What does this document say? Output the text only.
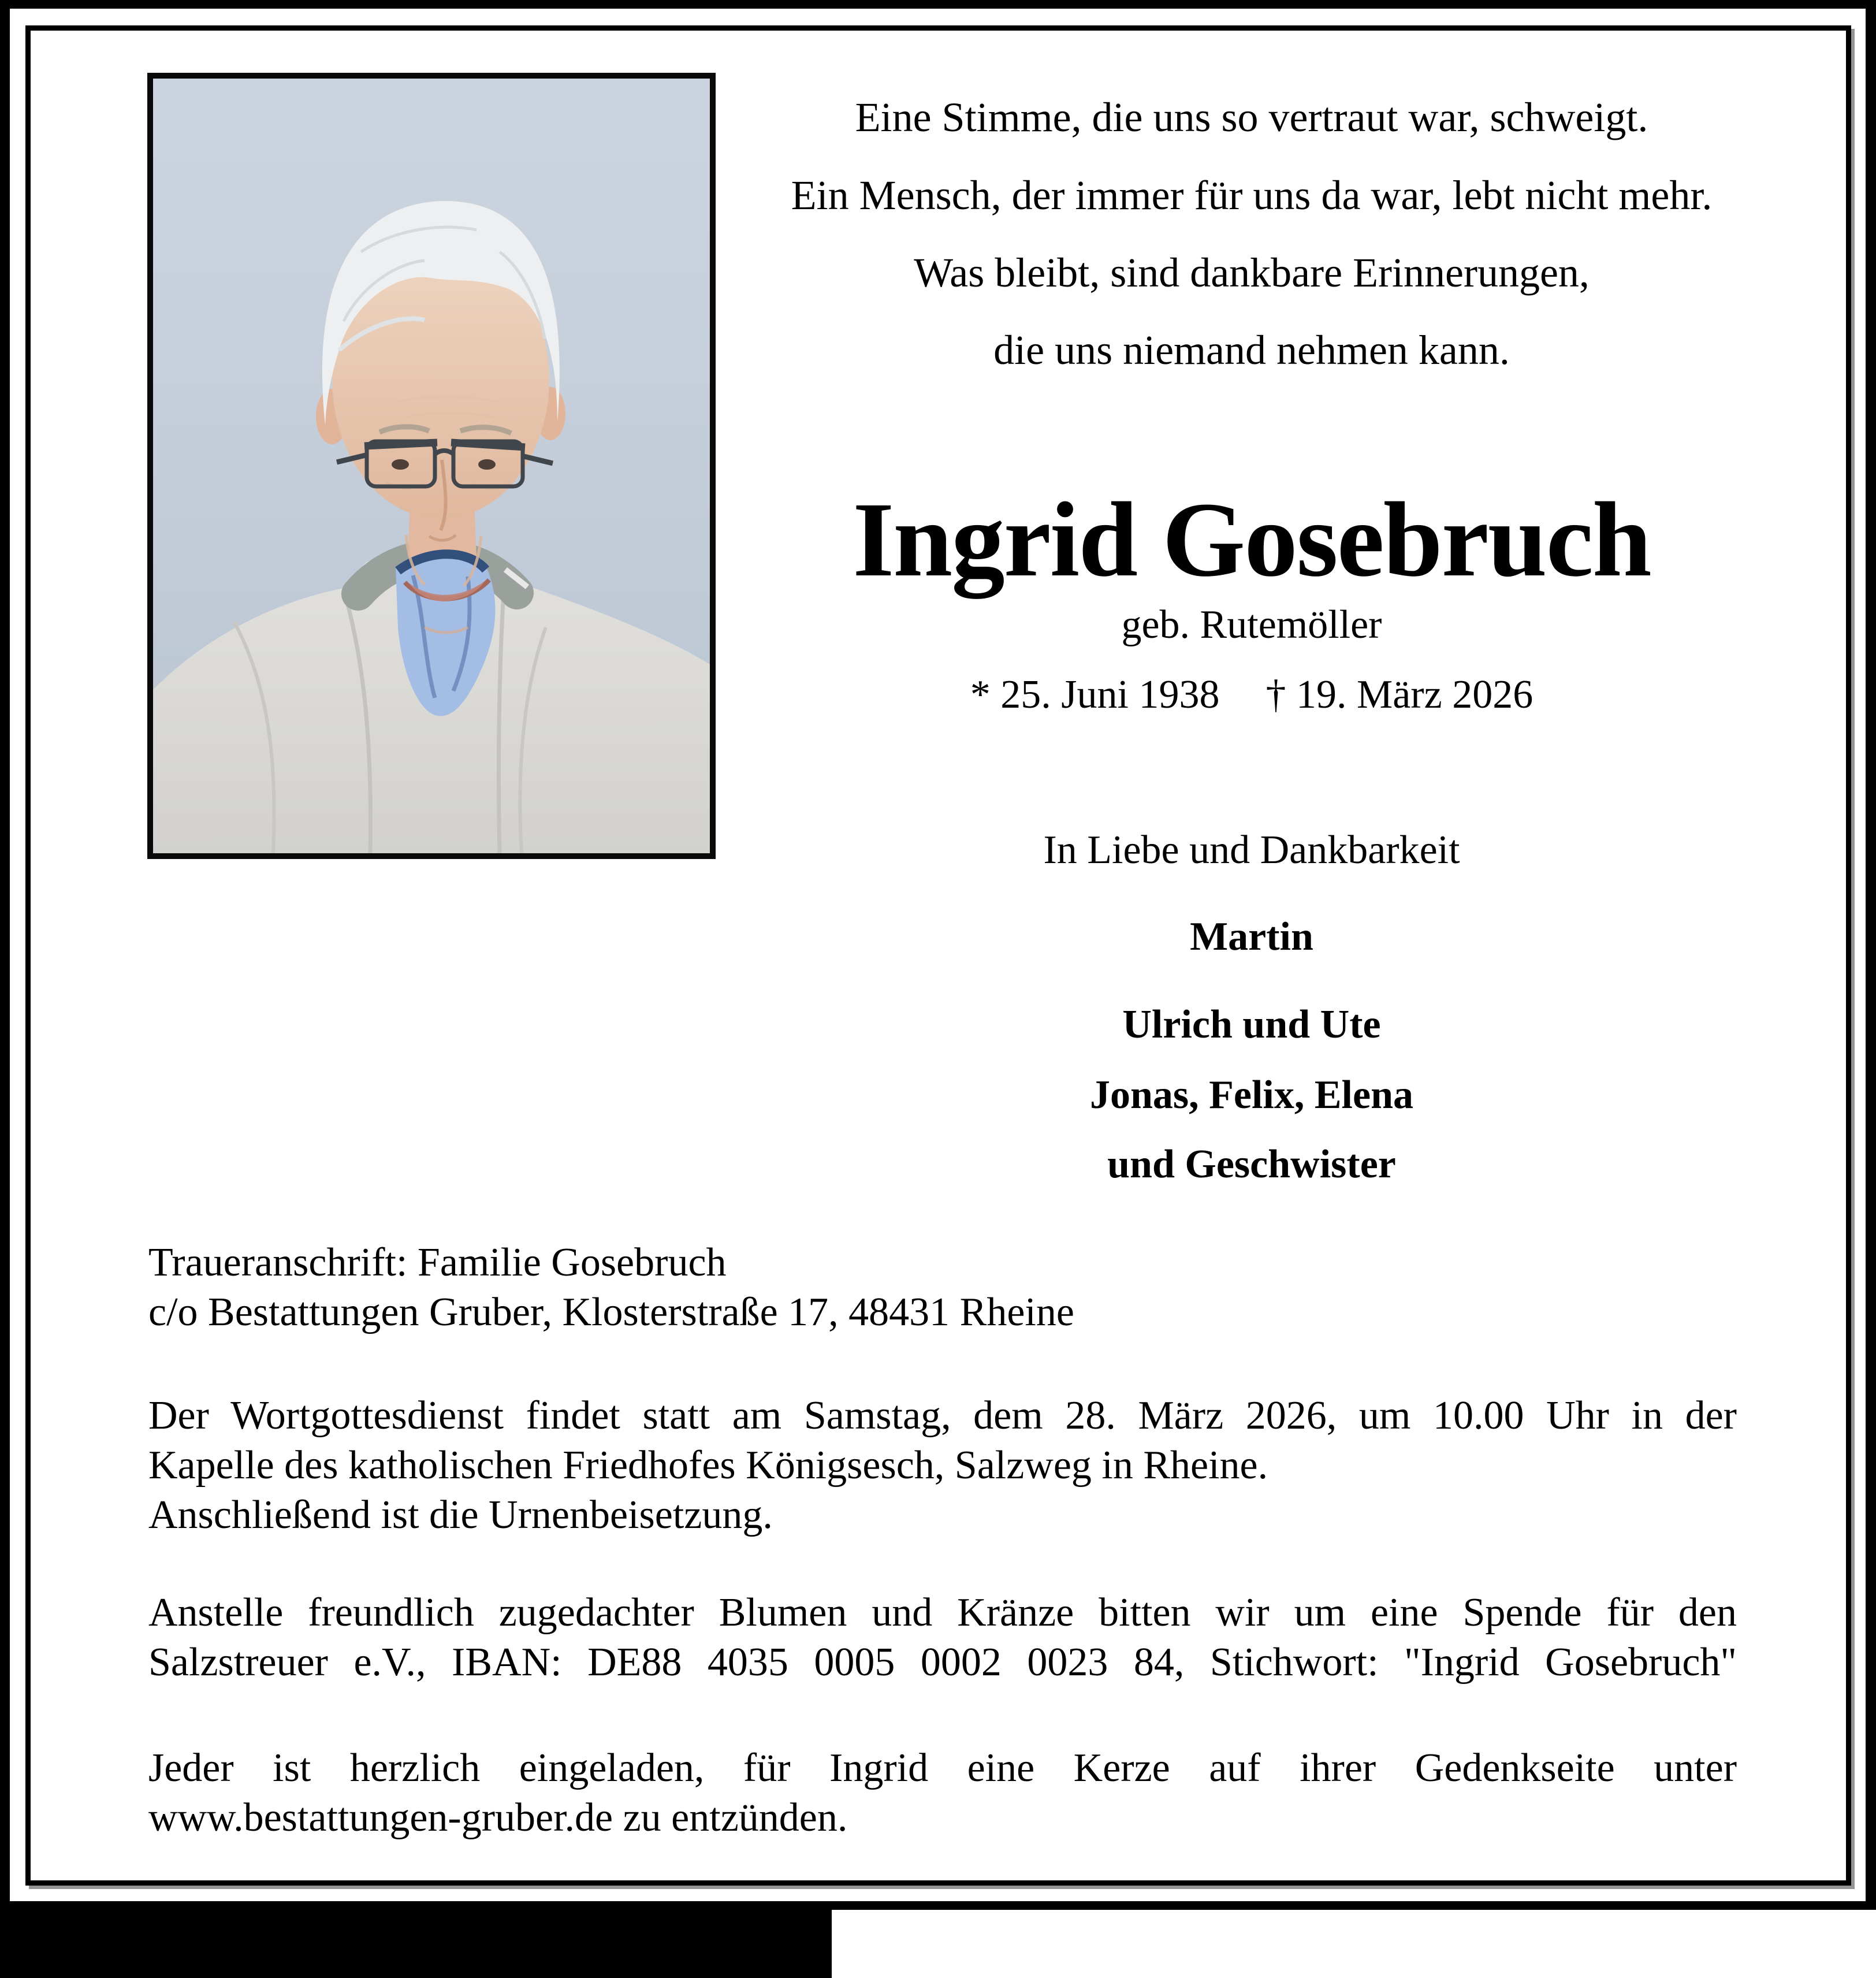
Eine Stimme, die uns so vertraut war, schweigt.
Ein Mensch, der immer für uns da war, lebt nicht mehr.
Was bleibt, sind dankbare Erinnerungen,
die uns niemand nehmen kann.
Ingrid Gosebruch
geb. Rutemöller
* 25. Juni 1938 † 19. März 2026
In Liebe und Dankbarkeit
Martin
Ulrich und Ute
Jonas, Felix, Elena
und Geschwister
Traueranschrift: Familie Gosebruch
c/o Bestattungen Gruber, Klosterstraße 17, 48431 Rheine
Der Wortgottesdienst findet statt am Samstag, dem 28. März 2026, um 10.00 Uhr in der
Kapelle des katholischen Friedhofes Königsesch, Salzweg in Rheine.
Anschließend ist die Urnenbeisetzung.
Anstelle freundlich zugedachter Blumen und Kränze bitten wir um eine Spende für den
Salzstreuer e.V., IBAN: DE88 4035 0005 0002 0023 84, Stichwort: "Ingrid Gosebruch"
Jeder ist herzlich eingeladen, für Ingrid eine Kerze auf ihrer Gedenkseite unter
www.bestattungen-gruber.de zu entzünden.
